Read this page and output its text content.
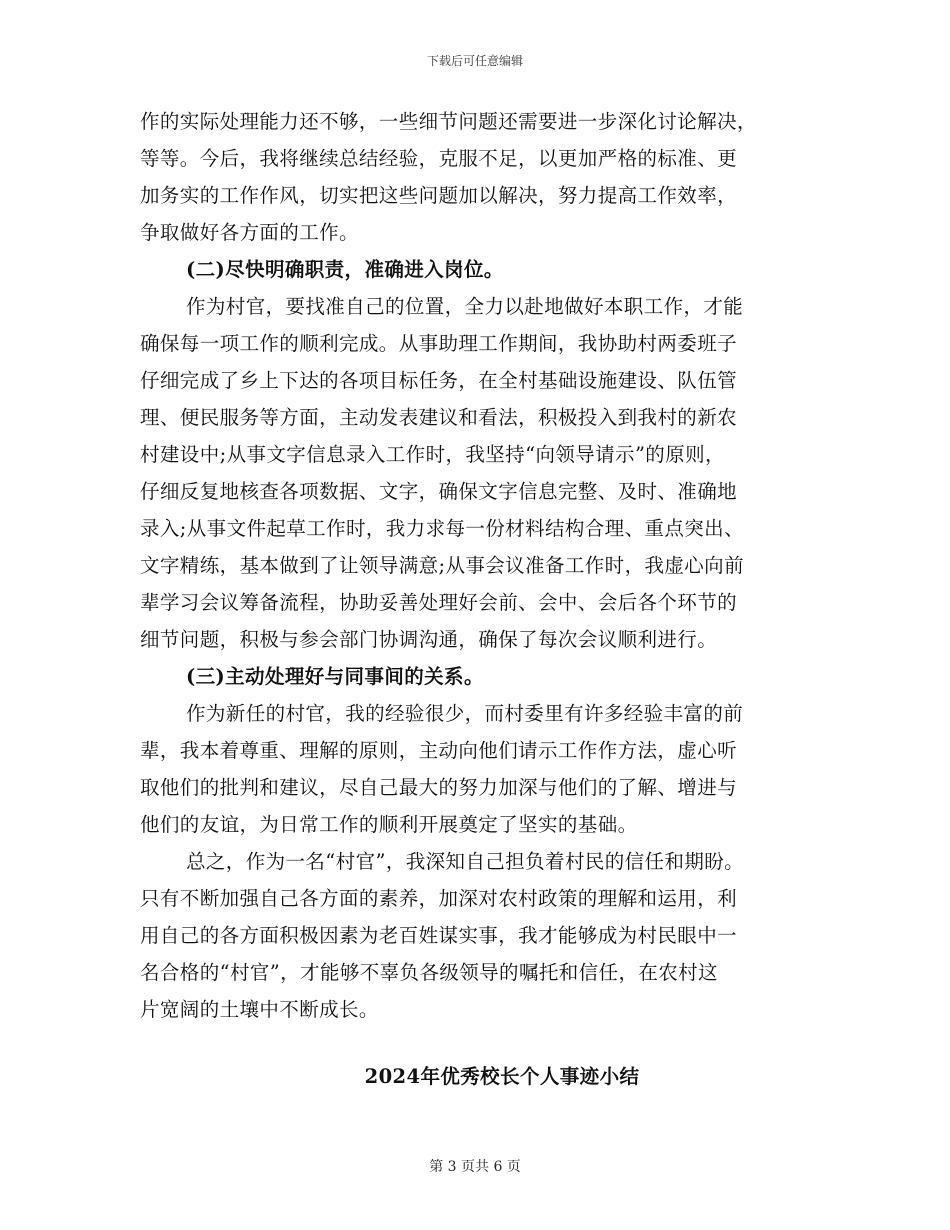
下载后可任意编辑
作的实际处理能力还不够，一些细节问题还需要进一步深化讨论解决，
等等。今后，我将继续总结经验，克服不足，以更加严格的标准、更
加务实的工作作风，切实把这些问题加以解决，努力提高工作效率，
争取做好各方面的工作。
(二)尽快明确职责，准确进入岗位。
作为村官，要找准自己的位置，全力以赴地做好本职工作，才能
确保每一项工作的顺利完成。从事助理工作期间，我协助村两委班子
仔细完成了乡上下达的各项目标任务，在全村基础设施建设、队伍管
理、便民服务等方面，主动发表建议和看法，积极投入到我村的新农
村建设中;从事文字信息录入工作时，我坚持“向领导请示”的原则，
仔细反复地核查各项数据、文字，确保文字信息完整、及时、准确地
录入;从事文件起草工作时，我力求每一份材料结构合理、重点突出、
文字精练，基本做到了让领导满意;从事会议准备工作时，我虚心向前
辈学习会议筹备流程，协助妥善处理好会前、会中、会后各个环节的
细节问题，积极与参会部门协调沟通，确保了每次会议顺利进行。
(三)主动处理好与同事间的关系。
作为新任的村官，我的经验很少，而村委里有许多经验丰富的前
辈，我本着尊重、理解的原则，主动向他们请示工作作方法，虚心听
取他们的批判和建议，尽自己最大的努力加深与他们的了解、增进与
他们的友谊，为日常工作的顺利开展奠定了坚实的基础。
总之，作为一名“村官”，我深知自己担负着村民的信任和期盼。
只有不断加强自己各方面的素养，加深对农村政策的理解和运用，利
用自己的各方面积极因素为老百姓谋实事，我才能够成为村民眼中一
名合格的“村官”，才能够不辜负各级领导的嘱托和信任，在农村这
片宽阔的土壤中不断成长。
2024年优秀校长个人事迹小结
第 3 页共 6 页
